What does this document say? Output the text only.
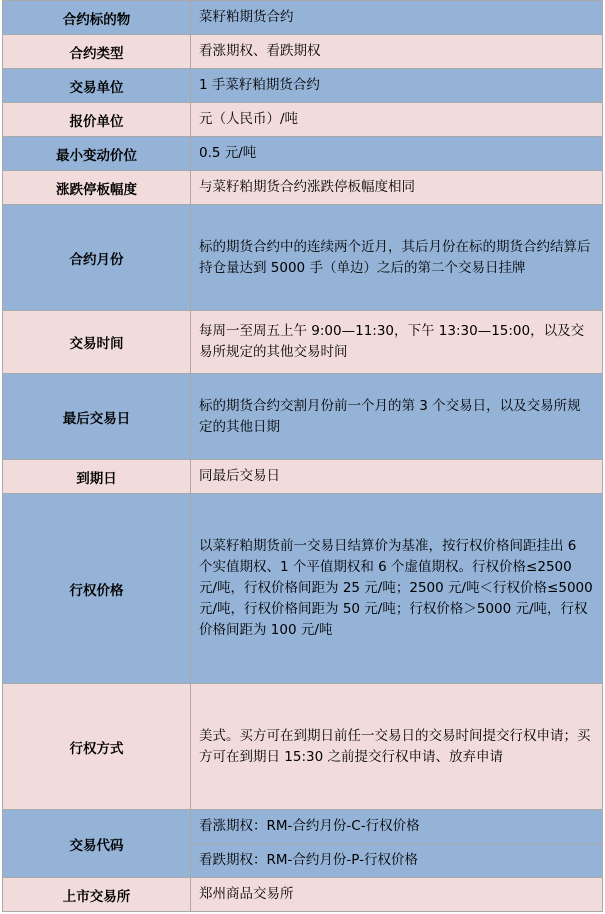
合约标的物	菜籽粕期货合约
合约类型	看涨期权、看跌期权
交易单位	1 手菜籽粕期货合约
报价单位	元（人民币）/吨
最小变动价位	0.5 元/吨
涨跌停板幅度	与菜籽粕期货合约涨跌停板幅度相同
合约月份	标的期货合约中的连续两个近月，其后月份在标的期货合约结算后持仓量达到 5000 手（单边）之后的第二个交易日挂牌
交易时间	每周一至周五上午 9:00—11:30，下午 13:30—15:00，以及交易所规定的其他交易时间
最后交易日	标的期货合约交割月份前一个月的第 3 个交易日，以及交易所规定的其他日期
到期日	同最后交易日
行权价格	以菜籽粕期货前一交易日结算价为基准，按行权价格间距挂出 6 个实值期权、1 个平值期权和 6 个虚值期权。行权价格≤2500 元/吨，行权价格间距为 25 元/吨；2500 元/吨＜行权价格≤5000 元/吨，行权价格间距为 50 元/吨；行权价格＞5000 元/吨，行权价格间距为 100 元/吨
行权方式	美式。买方可在到期日前任一交易日的交易时间提交行权申请；买方可在到期日 15:30 之前提交行权申请、放弃申请
交易代码	看涨期权：RM-合约月份-C-行权价格
	看跌期权：RM-合约月份-P-行权价格
上市交易所	郑州商品交易所
